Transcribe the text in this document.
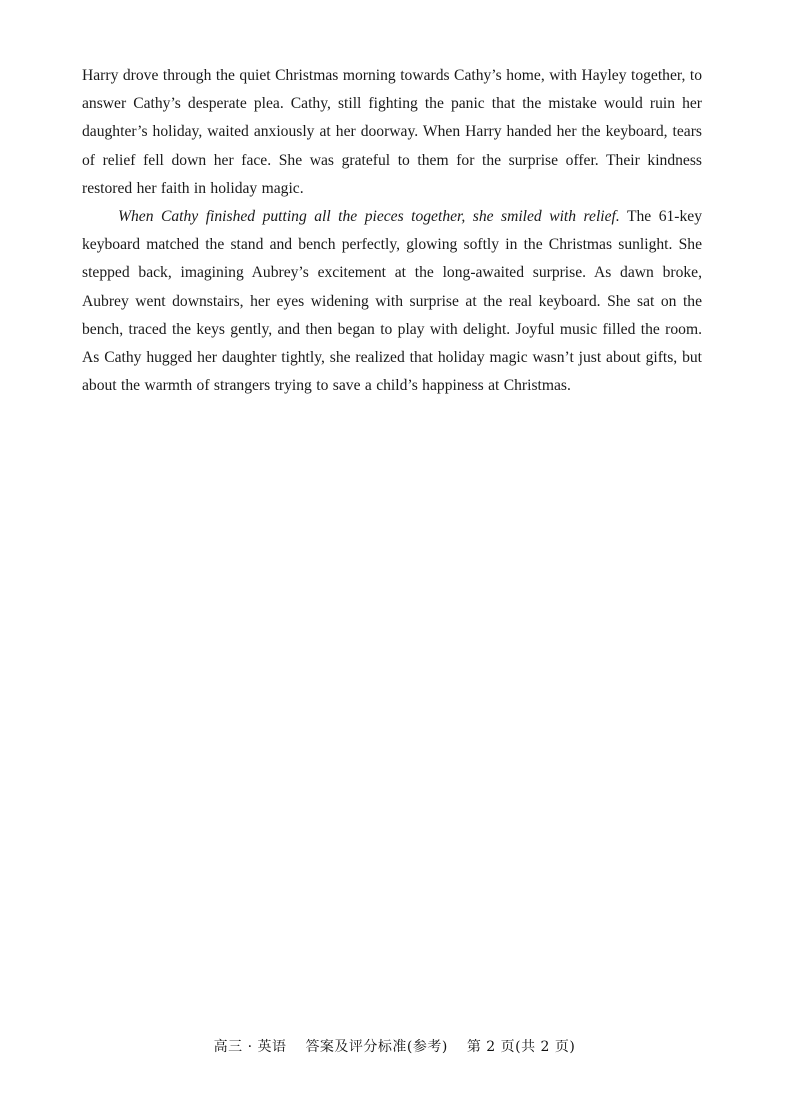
Harry drove through the quiet Christmas morning towards Cathy’s home, with Hayley together, to answer Cathy’s desperate plea. Cathy, still fighting the panic that the mistake would ruin her daughter’s holiday, waited anxiously at her doorway. When Harry handed her the keyboard, tears of relief fell down her face. She was grateful to them for the surprise offer. Their kindness restored her faith in holiday magic.

When Cathy finished putting all the pieces together, she smiled with relief. The 61-key keyboard matched the stand and bench perfectly, glowing softly in the Christmas sunlight. She stepped back, imagining Aubrey’s excitement at the long-awaited surprise. As dawn broke, Aubrey went downstairs, her eyes widening with surprise at the real keyboard. She sat on the bench, traced the keys gently, and then began to play with delight. Joyful music filled the room. As Cathy hugged her daughter tightly, she realized that holiday magic wasn’t just about gifts, but about the warmth of strangers trying to save a child’s happiness at Christmas.

高三 · 英语 答案及评分标准(参考) 第 2 页(共 2 页)
